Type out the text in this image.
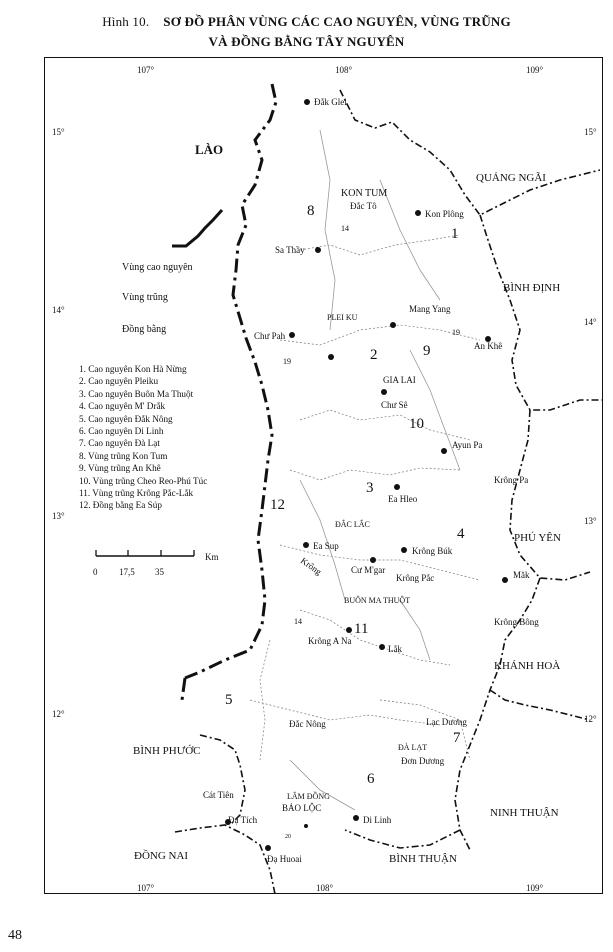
Hình 10. SƠ ĐỒ PHÂN VÙNG CÁC CAO NGUYÊN, VÙNG TRŨNG
VÀ ĐỒNG BẰNG TÂY NGUYÊN
107°	108°	109°
107°	108°	109°
15°	15°
14°
14°
13°	13°
12°	12°
LÀO
QUẢNG NGÃI
BÌNH ĐỊNH
PHÚ YÊN
KHÁNH HOÀ
NINH THUẬN
BÌNH THUẬN
ĐỒNG NAI
BÌNH PHƯỚC
KON TUM
PLEI KU
GIA LAI
ĐẮC LẮC
BUÔN MA THUỘT
ĐÀ LẠT
LÂM ĐỒNG
BẢO LỘC
Đắk Glei
Đắc Tô
Kon Plông
Sa Thầy
Mang Yang
An Khê
Chư Pah
Chư Sê
Ayun Pa
Krông Pa
Ea Hleo
Ea Sup	Krông Búk
Cư M'gar
Krông Pắc	Măk
Krông Bông
Krông A Na
Lắk
Đắc Nông	Lạc Dương
Đơn Dương
Cát Tiên
Đạ Tích	Di Linh
Đạ Huoai
Krông
14
14
19
19
20
1
2
3
4
5
6
7
8
9
10
11
12
0 17,5 35
Km
Vùng cao nguyên
Vùng trũng
Đồng bằng
1. Cao nguyên Kon Hà Nừng
2. Cao nguyên Pleiku
3. Cao nguyên Buôn Ma Thuột
4. Cao nguyên M' Drắk
5. Cao nguyên Đắk Nông
6. Cao nguyên Di Linh
7. Cao nguyên Đà Lạt
8. Vùng trũng Kon Tum
9. Vùng trũng An Khê
10. Vùng trũng Cheo Reo-Phú Túc
11. Vùng trũng Krông Pắc-Lắk
12. Đồng bằng Ea Súp
48
